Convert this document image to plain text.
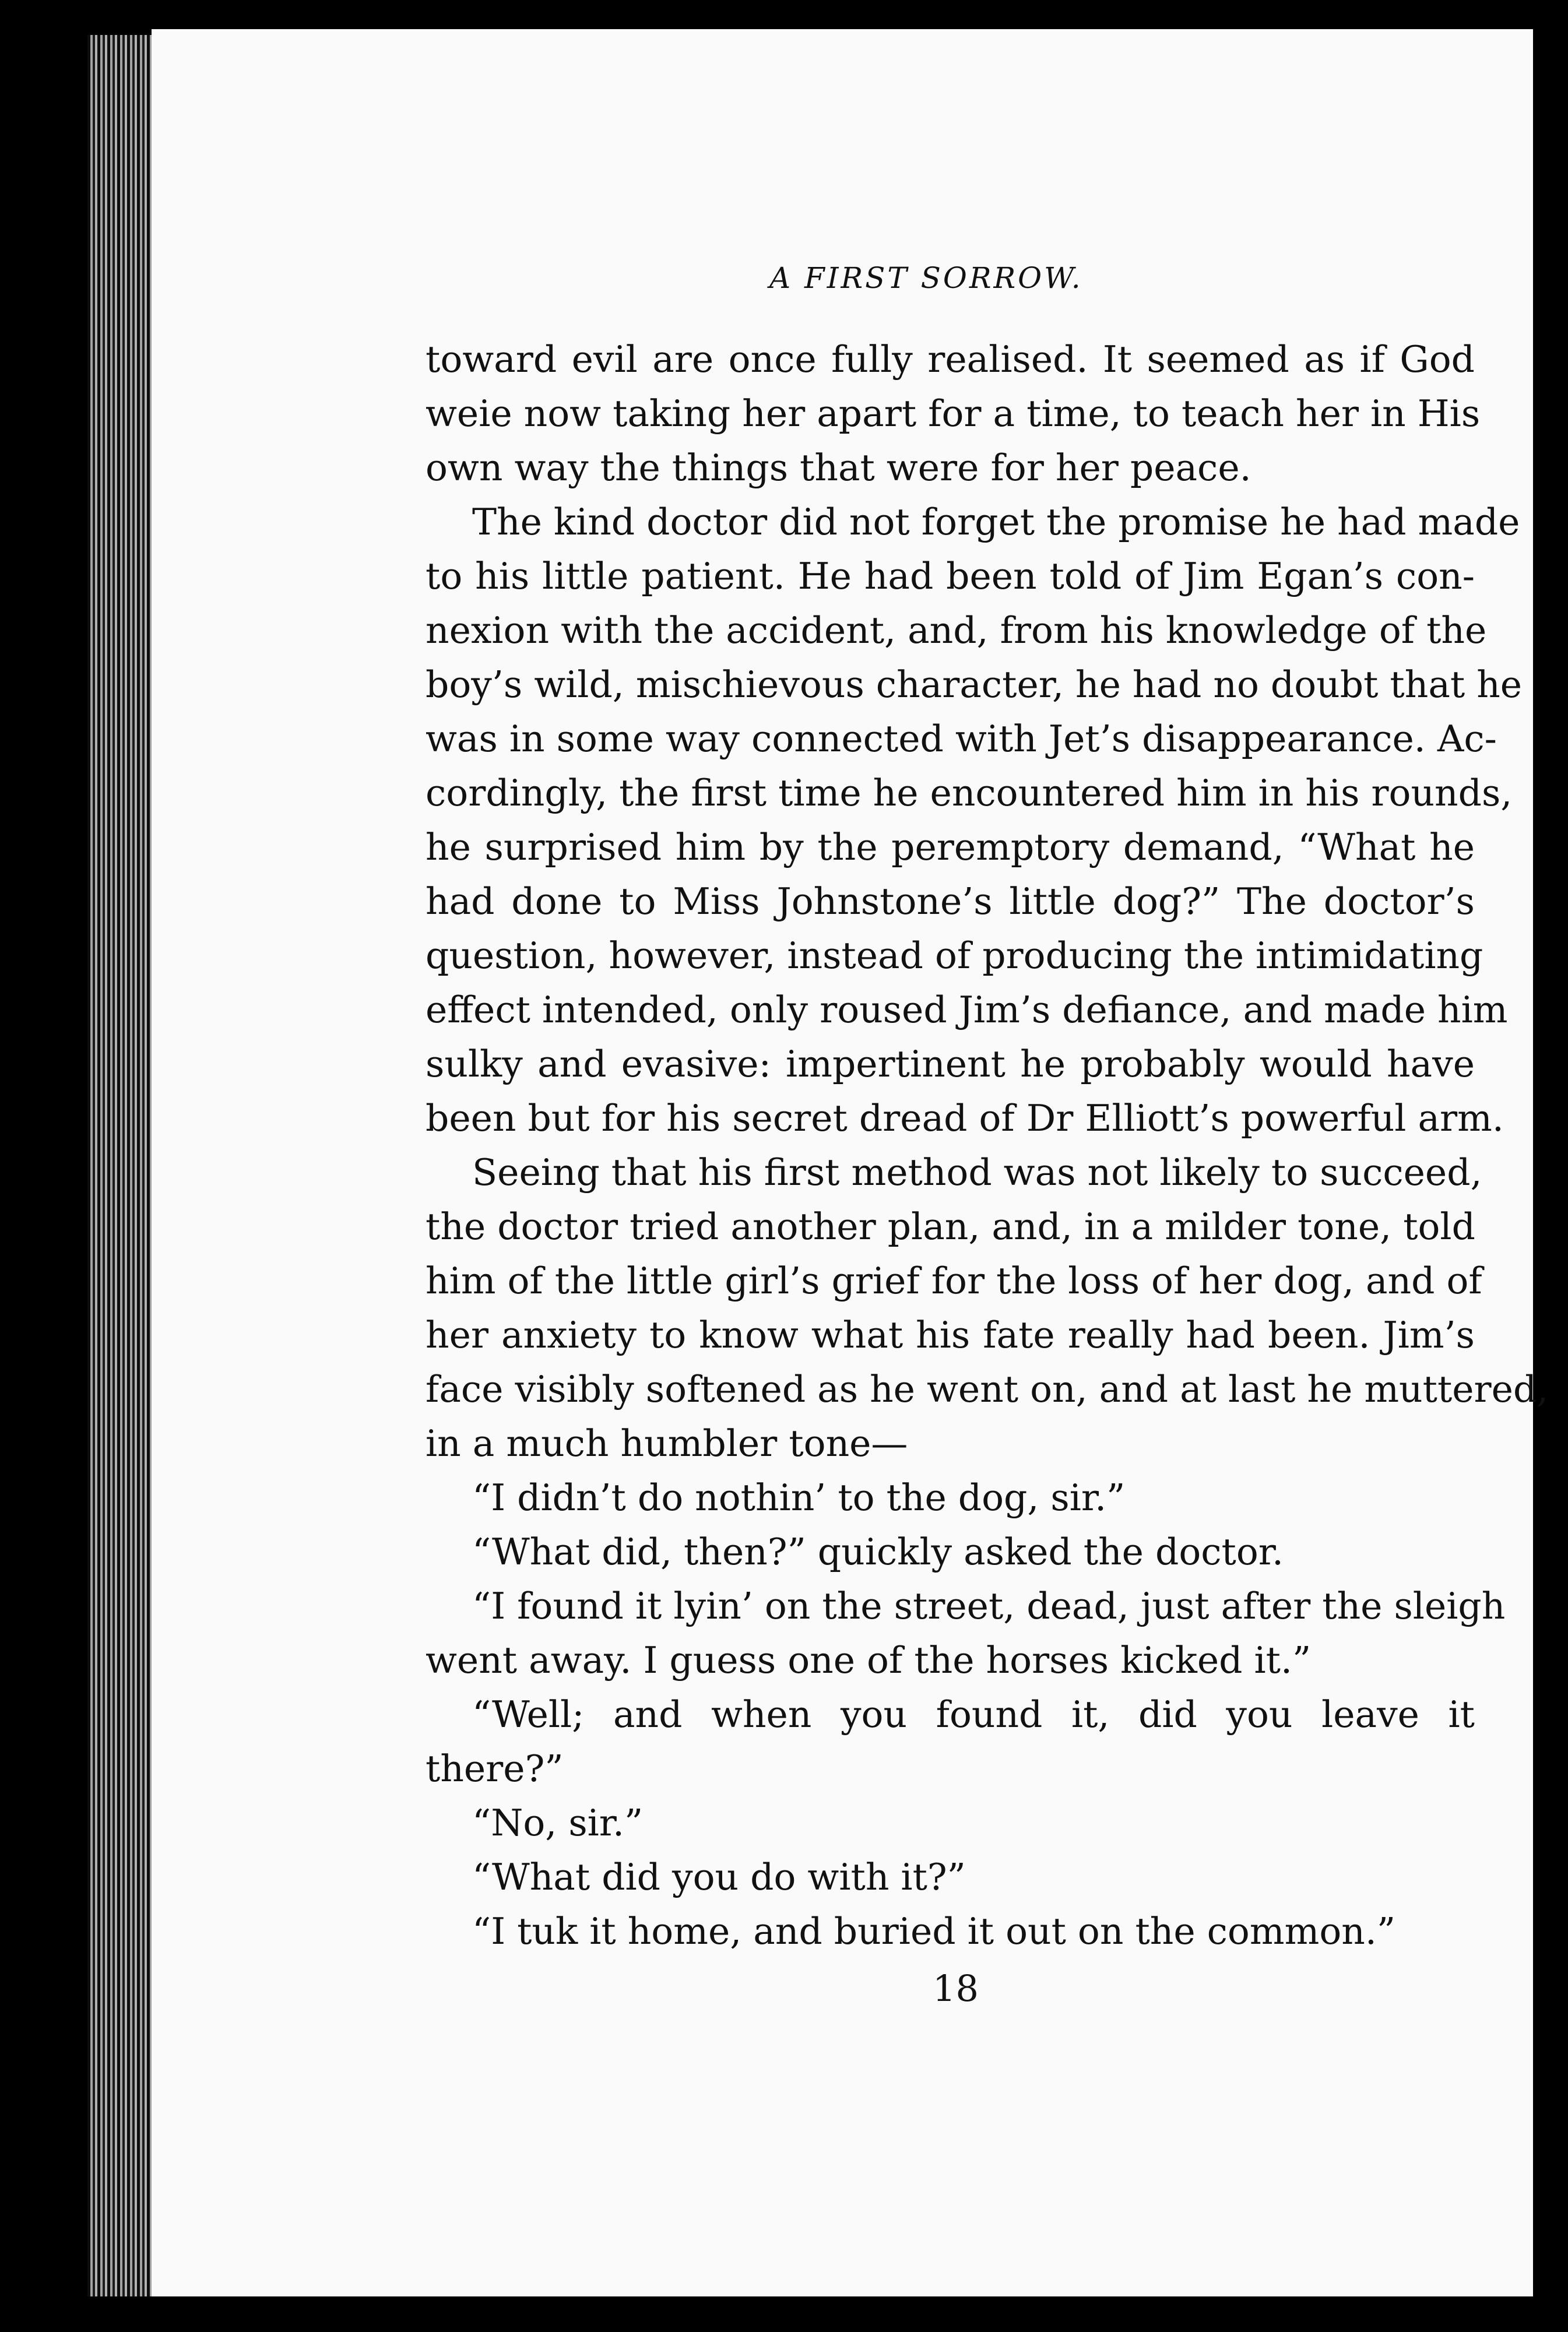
A FIRST SORROW.
toward evil are once fully realised. It seemed as if God
weie now taking her apart for a time, to teach her in His
own way the things that were for her peace.
The kind doctor did not forget the promise he had made
to his little patient. He had been told of Jim Egan’s con-
nexion with the accident, and, from his knowledge of the
boy’s wild, mischievous character, he had no doubt that he
was in some way connected with Jet’s disappearance. Ac-
cordingly, the first time he encountered him in his rounds,
he surprised him by the peremptory demand, “What he
had done to Miss Johnstone’s little dog?” The doctor’s
question, however, instead of producing the intimidating
effect intended, only roused Jim’s defiance, and made him
sulky and evasive: impertinent he probably would have
been but for his secret dread of Dr Elliott’s powerful arm.
Seeing that his first method was not likely to succeed,
the doctor tried another plan, and, in a milder tone, told
him of the little girl’s grief for the loss of her dog, and of
her anxiety to know what his fate really had been. Jim’s
face visibly softened as he went on, and at last he muttered,
in a much humbler tone—
“I didn’t do nothin’ to the dog, sir.”
“What did, then?” quickly asked the doctor.
“I found it lyin’ on the street, dead, just after the sleigh
went away. I guess one of the horses kicked it.”
“Well; and when you found it, did you leave it
there?”
“No, sir.”
“What did you do with it?”
“I tuk it home, and buried it out on the common.”
18
